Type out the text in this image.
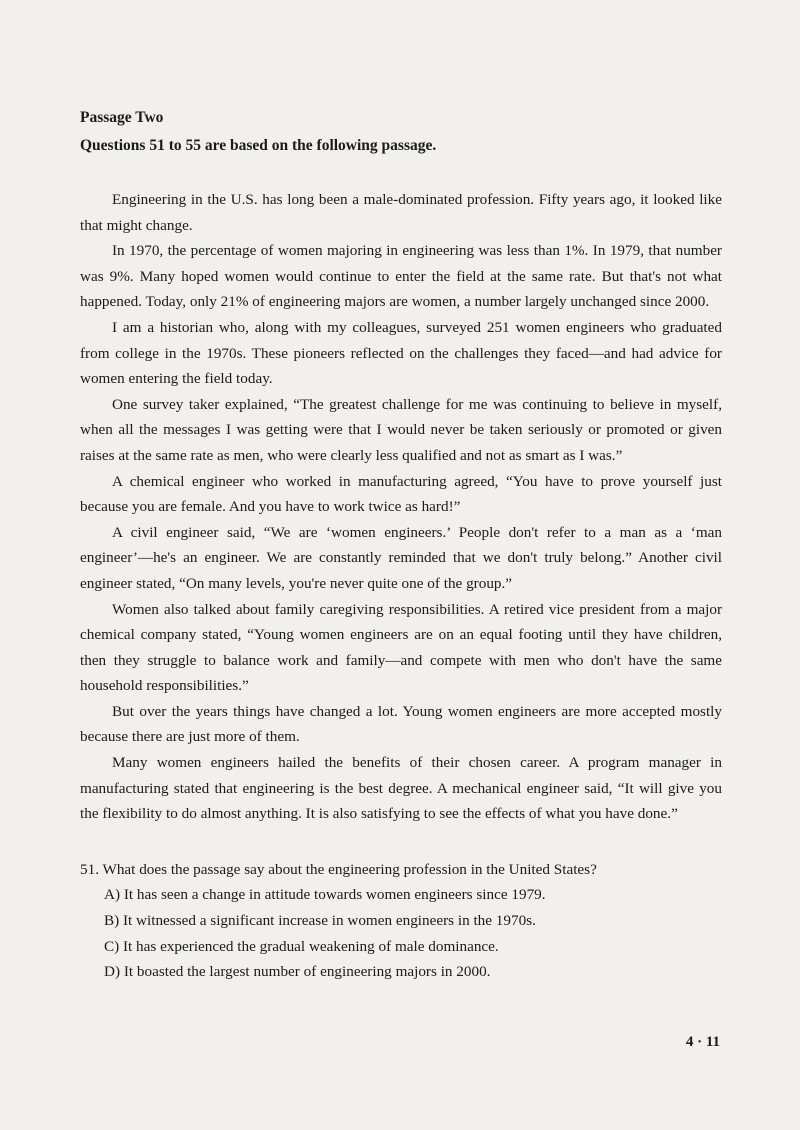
Passage Two
Questions 51 to 55 are based on the following passage.

Engineering in the U.S. has long been a male-dominated profession. Fifty years ago, it looked like that might change.

In 1970, the percentage of women majoring in engineering was less than 1%. In 1979, that number was 9%. Many hoped women would continue to enter the field at the same rate. But that's not what happened. Today, only 21% of engineering majors are women, a number largely unchanged since 2000.

I am a historian who, along with my colleagues, surveyed 251 women engineers who graduated from college in the 1970s. These pioneers reflected on the challenges they faced—and had advice for women entering the field today.

One survey taker explained, “The greatest challenge for me was continuing to believe in myself, when all the messages I was getting were that I would never be taken seriously or promoted or given raises at the same rate as men, who were clearly less qualified and not as smart as I was.”

A chemical engineer who worked in manufacturing agreed, “You have to prove yourself just because you are female. And you have to work twice as hard!”

A civil engineer said, “We are ‘women engineers.’ People don't refer to a man as a ‘man engineer’—he's an engineer. We are constantly reminded that we don't truly belong.” Another civil engineer stated, “On many levels, you're never quite one of the group.”

Women also talked about family caregiving responsibilities. A retired vice president from a major chemical company stated, “Young women engineers are on an equal footing until they have children, then they struggle to balance work and family—and compete with men who don't have the same household responsibilities.”

But over the years things have changed a lot. Young women engineers are more accepted mostly because there are just more of them.

Many women engineers hailed the benefits of their chosen career. A program manager in manufacturing stated that engineering is the best degree. A mechanical engineer said, “It will give you the flexibility to do almost anything. It is also satisfying to see the effects of what you have done.”

51. What does the passage say about the engineering profession in the United States?

A) It has seen a change in attitude towards women engineers since 1979.
B) It witnessed a significant increase in women engineers in the 1970s.
C) It has experienced the gradual weakening of male dominance.
D) It boasted the largest number of engineering majors in 2000.
4 · 11
